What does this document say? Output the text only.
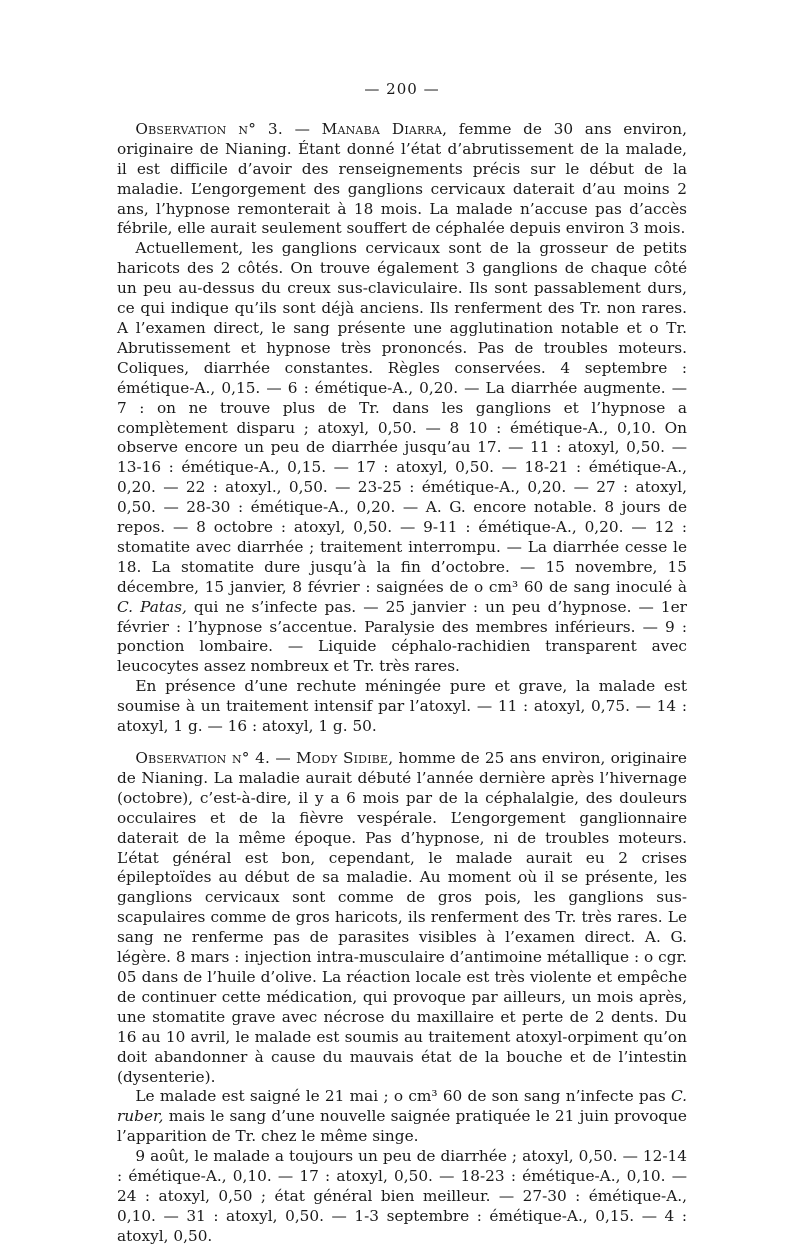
— 200 —

Observation n° 3. — Manaba Diarra, femme de 30 ans environ, originaire de Nianing. Étant donné l’état d’abrutissement de la malade, il est difficile d’avoir des renseignements précis sur le début de la maladie. L’engorgement des ganglions cervicaux daterait d’au moins 2 ans, l’hypnose remonterait à 18 mois. La malade n’accuse pas d’accès fébrile, elle aurait seulement souffert de céphalée depuis environ 3 mois.

Actuellement, les ganglions cervicaux sont de la grosseur de petits haricots des 2 côtés. On trouve également 3 ganglions de chaque côté un peu au-dessus du creux sus-claviculaire. Ils sont passablement durs, ce qui indique qu’ils sont déjà anciens. Ils renferment des Tr. non rares. A l’examen direct, le sang présente une agglutination notable et o Tr. Abrutissement et hypnose très prononcés. Pas de troubles moteurs. Coliques, diarrhée constantes. Règles conservées. 4 septembre : émétique-A., 0,15. — 6 : émétique-A., 0,20. — La diarrhée augmente. — 7 : on ne trouve plus de Tr. dans les ganglions et l’hypnose a complètement disparu ; atoxyl, 0,50. — 8 10 : émétique-A., 0,10. On observe encore un peu de diarrhée jusqu’au 17. — 11 : atoxyl, 0,50. — 13-16 : émétique-A., 0,15. — 17 : atoxyl, 0,50. — 18-21 : émétique-A., 0,20. — 22 : atoxyl., 0,50. — 23-25 : émétique-A., 0,20. — 27 : atoxyl, 0,50. — 28-30 : émétique-A., 0,20. — A. G. encore notable. 8 jours de repos. — 8 octobre : atoxyl, 0,50. — 9-11 : émétique-A., 0,20. — 12 : stomatite avec diarrhée ; traitement interrompu. — La diarrhée cesse le 18. La stomatite dure jusqu’à la fin d’octobre. — 15 novembre, 15 décembre, 15 janvier, 8 février : saignées de o cm³ 60 de sang inoculé à C. Patas, qui ne s’infecte pas. — 25 janvier : un peu d’hypnose. — 1er février : l’hypnose s’accentue. Paralysie des membres inférieurs. — 9 : ponction lombaire. — Liquide céphalo-rachidien transparent avec leucocytes assez nombreux et Tr. très rares.

En présence d’une rechute méningée pure et grave, la malade est soumise à un traitement intensif par l’atoxyl. — 11 : atoxyl, 0,75. — 14 : atoxyl, 1 g. — 16 : atoxyl, 1 g. 50.

Observation n° 4. — Mody Sidibe, homme de 25 ans environ, originaire de Nianing. La maladie aurait débuté l’année dernière après l’hivernage (octobre), c’est-à-dire, il y a 6 mois par de la céphalalgie, des douleurs occulaires et de la fièvre vespérale. L’engorgement ganglionnaire daterait de la même époque. Pas d’hypnose, ni de troubles moteurs. L’état général est bon, cependant, le malade aurait eu 2 crises épileptoïdes au début de sa maladie. Au moment où il se présente, les ganglions cervicaux sont comme de gros pois, les ganglions sus-scapulaires comme de gros haricots, ils renferment des Tr. très rares. Le sang ne renferme pas de parasites visibles à l’examen direct. A. G. légère. 8 mars : injection intra-musculaire d’antimoine métallique : o cgr. 05 dans de l’huile d’olive. La réaction locale est très violente et empêche de continuer cette médication, qui provoque par ailleurs, un mois après, une stomatite grave avec nécrose du maxillaire et perte de 2 dents. Du 16 au 10 avril, le malade est soumis au traitement atoxyl-orpiment qu’on doit abandonner à cause du mauvais état de la bouche et de l’intestin (dysenterie).

Le malade est saigné le 21 mai ; o cm³ 60 de son sang n’infecte pas C. ruber, mais le sang d’une nouvelle saignée pratiquée le 21 juin provoque l’apparition de Tr. chez le même singe.

9 août, le malade a toujours un peu de diarrhée ; atoxyl, 0,50. — 12-14 : émétique-A., 0,10. — 17 : atoxyl, 0,50. — 18-23 : émétique-A., 0,10. — 24 : atoxyl, 0,50 ; état général bien meilleur. — 27-30 : émétique-A., 0,10. — 31 : atoxyl, 0,50. — 1-3 septembre : émétique-A., 0,15. — 4 : atoxyl, 0,50.
